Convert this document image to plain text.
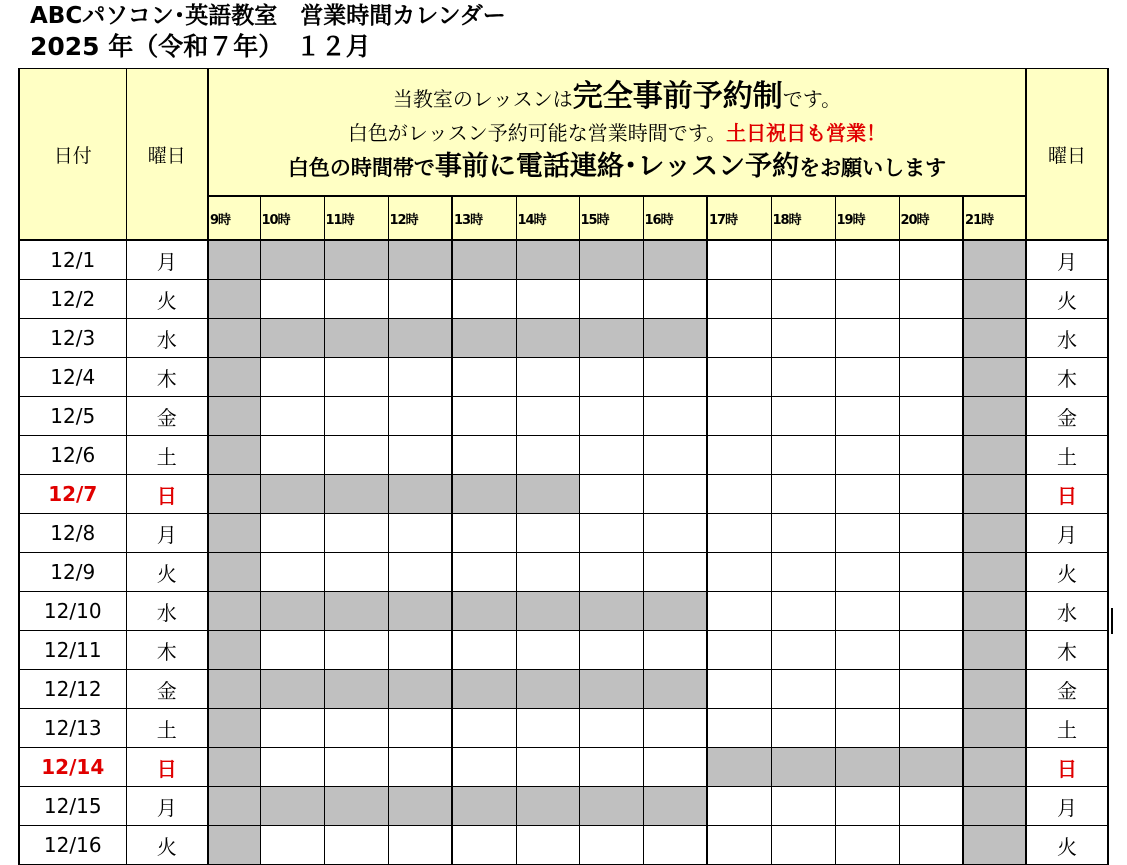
ABCパソコン･英語教室　営業時間カレンダー
2025 年（令和７年）　１２月
日付	曜日	当教室のレッスンは完全事前予約制です。
白色がレッスン予約可能な営業時間です。土日祝日も営業！
白色の時間帯で事前に電話連絡･レッスン予約をお願いします													曜日
		9時	10時	11時	12時	13時	14時	15時	16時	17時	18時	19時	20時	21時	
12/1	月														月
12/2	火														火
12/3	水														水
12/4	木														木
12/5	金														金
12/6	土														土
12/7	日														日
12/8	月														月
12/9	火														火
12/10	水														水
12/11	木														木
12/12	金														金
12/13	土														土
12/14	日														日
12/15	月														月
12/16	火														火
